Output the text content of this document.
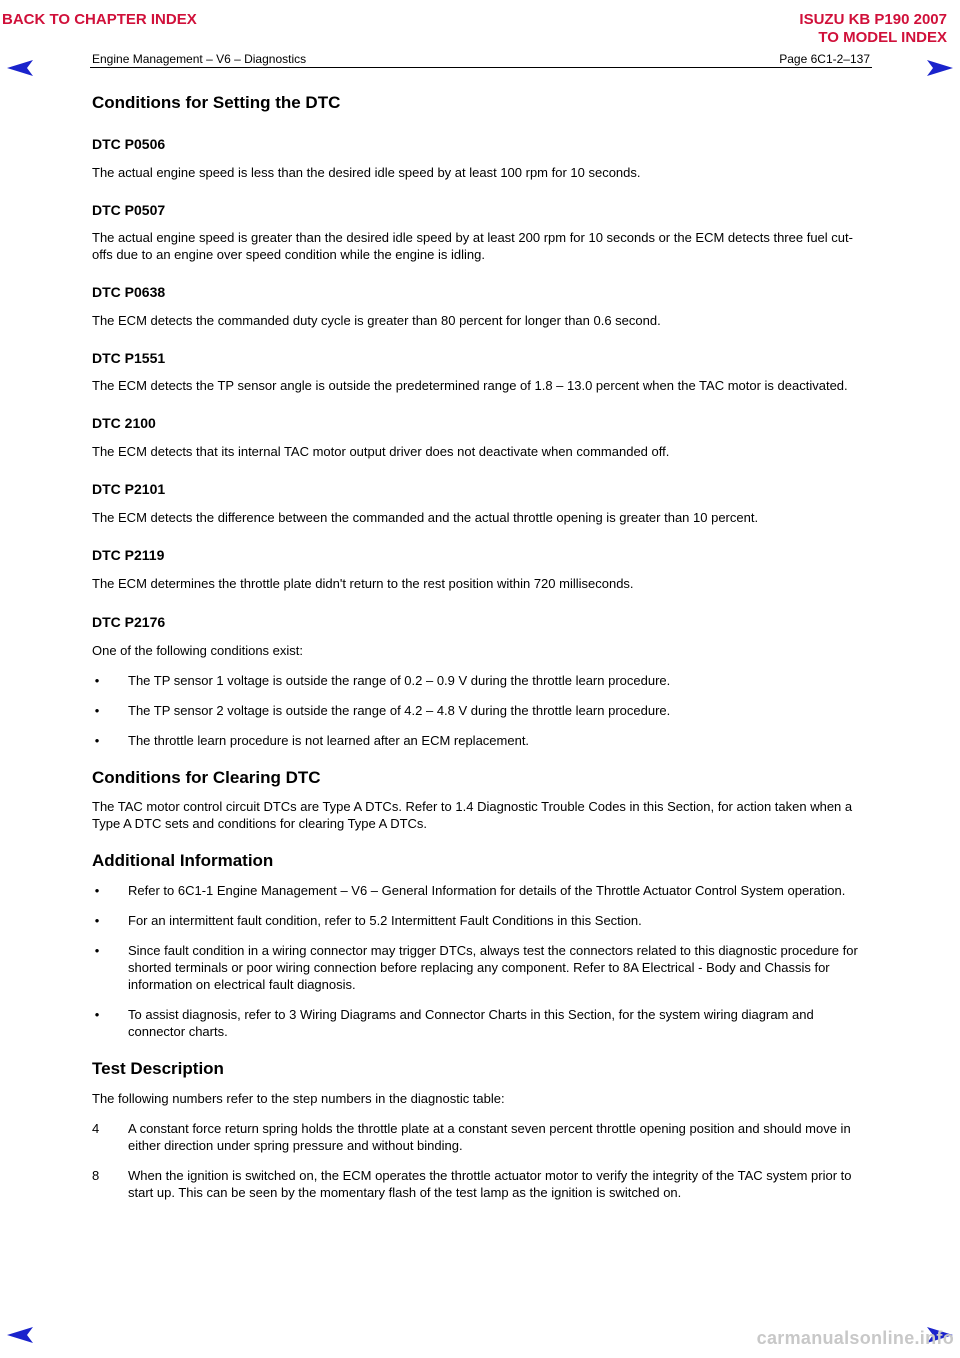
BACK TO CHAPTER INDEX	ISUZU KB P190 2007
TO MODEL INDEX
Engine Management – V6 – Diagnostics	Page 6C1-2–137
Conditions for Setting the DTC
DTC P0506
The actual engine speed is less than the desired idle speed by at least 100 rpm for 10 seconds.
DTC P0507
The actual engine speed is greater than the desired idle speed by at least 200 rpm for 10 seconds or the ECM detects three fuel cut-offs due to an engine over speed condition while the engine is idling.
DTC P0638
The ECM detects the commanded duty cycle is greater than 80 percent for longer than 0.6 second.
DTC P1551
The ECM detects the TP sensor angle is outside the predetermined range of 1.8 – 13.0 percent when the TAC motor is deactivated.
DTC 2100
The ECM detects that its internal TAC motor output driver does not deactivate when commanded off.
DTC P2101
The ECM detects the difference between the commanded and the actual throttle opening is greater than 10 percent.
DTC P2119
The ECM determines the throttle plate didn't return to the rest position within 720 milliseconds.
DTC P2176
One of the following conditions exist:
• The TP sensor 1 voltage is outside the range of 0.2 – 0.9 V during the throttle learn procedure.
• The TP sensor 2 voltage is outside the range of 4.2 – 4.8 V during the throttle learn procedure.
• The throttle learn procedure is not learned after an ECM replacement.
Conditions for Clearing DTC
The TAC motor control circuit DTCs are Type A DTCs. Refer to 1.4 Diagnostic Trouble Codes in this Section, for action taken when a Type A DTC sets and conditions for clearing Type A DTCs.
Additional Information
• Refer to 6C1-1 Engine Management – V6 – General Information for details of the Throttle Actuator Control System operation.
• For an intermittent fault condition, refer to 5.2 Intermittent Fault Conditions in this Section.
• Since fault condition in a wiring connector may trigger DTCs, always test the connectors related to this diagnostic procedure for shorted terminals or poor wiring connection before replacing any component. Refer to 8A Electrical - Body and Chassis for information on electrical fault diagnosis.
• To assist diagnosis, refer to 3 Wiring Diagrams and Connector Charts in this Section, for the system wiring diagram and connector charts.
Test Description
The following numbers refer to the step numbers in the diagnostic table:
4 A constant force return spring holds the throttle plate at a constant seven percent throttle opening position and should move in either direction under spring pressure and without binding.
8 When the ignition is switched on, the ECM operates the throttle actuator motor to verify the integrity of the TAC system prior to start up. This can be seen by the momentary flash of the test lamp as the ignition is switched on.
carmanualsonline.info
